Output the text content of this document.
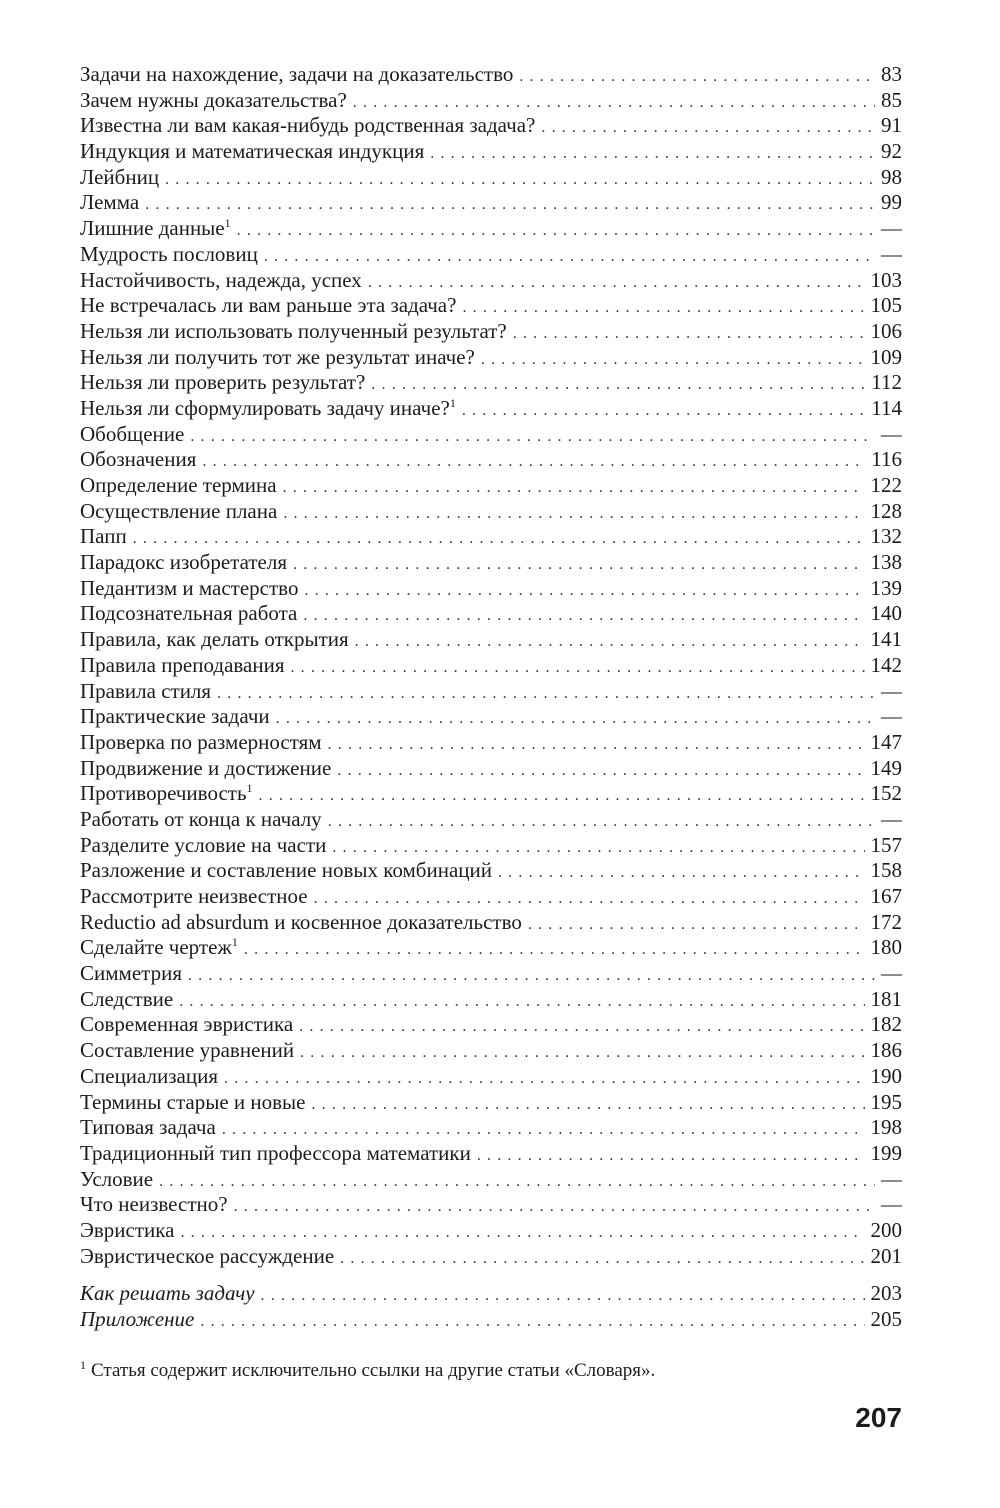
Задачи на нахождение, задачи на доказательство .....	83
Зачем нужны доказательства? .....	85
Известна ли вам какая-нибудь родственная задача? .....	91
Индукция и математическая индукция .....	92
Лейбниц .....	98
Лемма .....	99
Лишние данные$^1$ .....	—
Мудрость пословиц .....	—
Настойчивость, надежда, успех .....	103
Не встречалась ли вам раньше эта задача? .....	105
Нельзя ли использовать полученный результат? .....	106
Нельзя ли получить тот же результат иначе? .....	109
Нельзя ли проверить результат? .....	112
Нельзя ли сформулировать задачу иначе?$^1$ .....	114
Обобщение .....	—
Обозначения .....	116
Определение термина .....	122
Осуществление плана .....	128
Папп .....	132
Парадокс изобретателя .....	138
Педантизм и мастерство .....	139
Подсознательная работа .....	140
Правила, как делать открытия .....	141
Правила преподавания .....	142
Правила стиля .....	—
Практические задачи .....	—
Проверка по размерностям .....	147
Продвижение и достижение .....	149
Противоречивость$^1$ .....	152
Работать от конца к началу .....	—
Разделите условие на части .....	157
Разложение и составление новых комбинаций .....	158
Рассмотрите неизвестное .....	167
Reductio ad absurdum и косвенное доказательство .....	172
Сделайте чертеж$^1$ .....	180
Симметрия .....	—
Следствие .....	181
Современная эвристика .....	182
Составление уравнений .....	186
Специализация .....	190
Термины старые и новые .....	195
Типовая задача .....	198
Традиционный тип профессора математики .....	199
Условие .....	—
Что неизвестно? .....	—
Эвристика .....	200
Эвристическое рассуждение .....	201
Как решать задачу .....	203
Приложение .....	205
$^1$ Статья содержит исключительно ссылки на другие статьи «Словаря».
207
